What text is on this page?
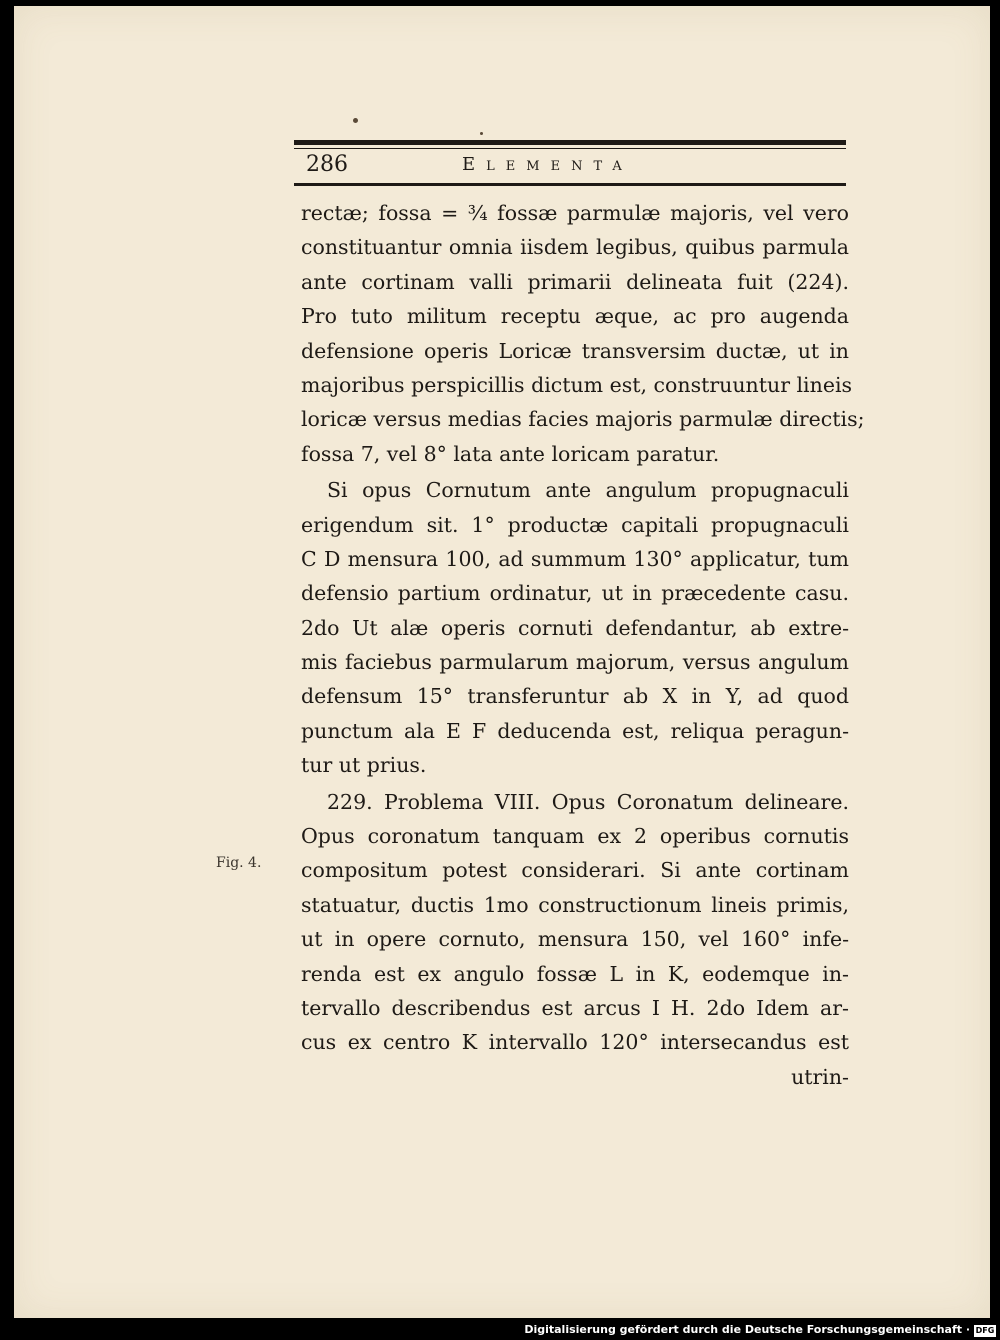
286	Elementa
rectæ; fossa = ¾ fossæ parmulæ majoris, vel vero
constituantur omnia iisdem legibus, quibus parmula
ante cortinam valli primarii delineata fuit (224).
Pro tuto militum receptu æque, ac pro augenda
defensione operis Loricæ transversim ductæ, ut in
majoribus perspicillis dictum est, construuntur lineis
loricæ versus medias facies majoris parmulæ directis;
fossa 7, vel 8° lata ante loricam paratur.
Si opus Cornutum ante angulum propugnaculi
erigendum sit. 1° productæ capitali propugnaculi
C D mensura 100, ad summum 130° applicatur, tum
defensio partium ordinatur, ut in præcedente casu.
2do Ut alæ operis cornuti defendantur, ab extre-
mis faciebus parmularum majorum, versus angulum
defensum 15° transferuntur ab X in Y, ad quod
punctum ala E F deducenda est, reliqua peragun-
tur ut prius.
229. Problema VIII. Opus Coronatum delineare.
Opus coronatum tanquam ex 2 operibus cornutis
compositum potest considerari. Si ante cortinam
statuatur, ductis 1mo constructionum lineis primis,
ut in opere cornuto, mensura 150, vel 160° infe-
renda est ex angulo fossæ L in K, eodemque in-
tervallo describendus est arcus I H. 2do Idem ar-
cus ex centro K intervallo 120° intersecandus est
utrin-
Fig. 4.
Digitalisierung gefördert durch die Deutsche Forschungsgemeinschaft · DFG
